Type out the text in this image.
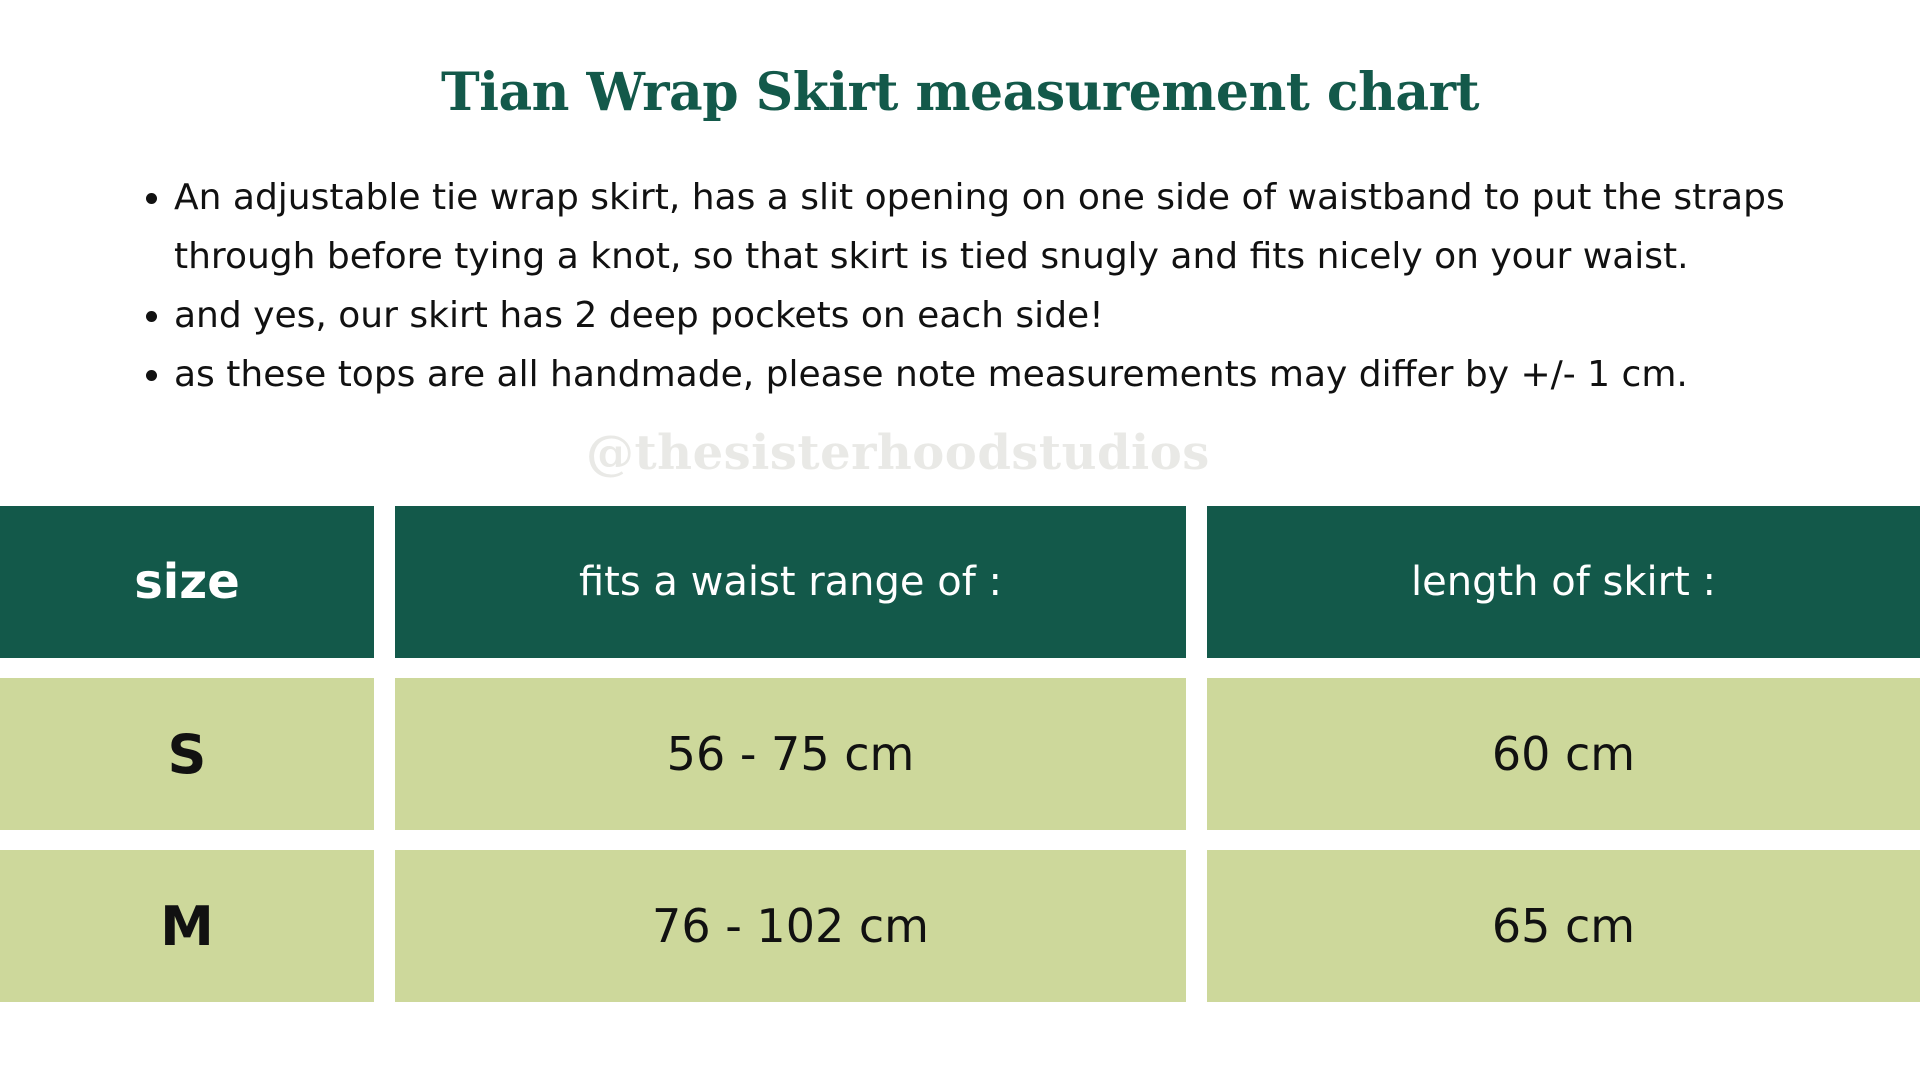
Tian Wrap Skirt measurement chart
• An adjustable tie wrap skirt, has a slit opening on one side of waistband to put the straps through before tying a knot, so that skirt is tied snugly and fits nicely on your waist.
• and yes, our skirt has 2 deep pockets on each side!
• as these tops are all handmade, please note measurements may differ by +/- 1 cm.
@thesisterhoodstudios
size	fits a waist range of :	length of skirt :
S	56 - 75 cm	60 cm
M	76 - 102 cm	65 cm
